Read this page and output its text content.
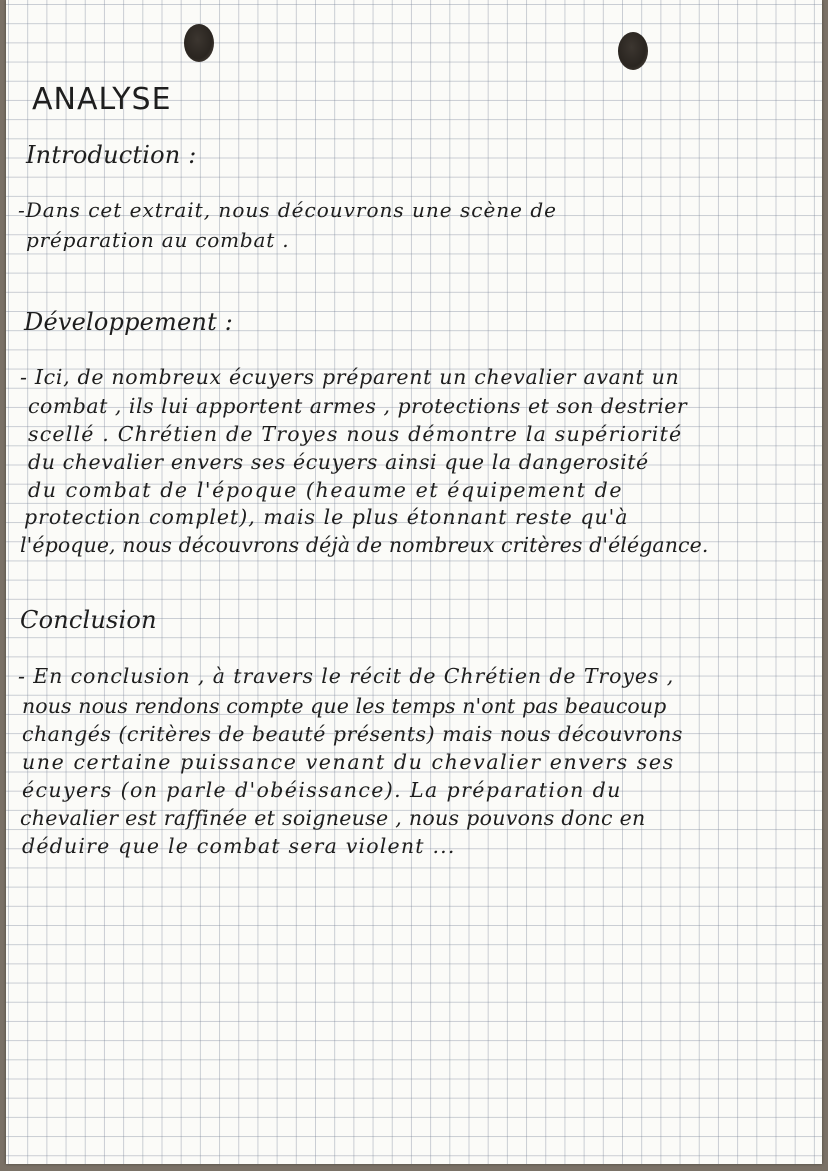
ANALYSE
Introduction :
-Dans cet extrait, nous découvrons une scène de
préparation au combat .
Développement :
- Ici, de nombreux écuyers préparent un chevalier avant un
combat , ils lui apportent armes , protections et son destrier
scellé . Chrétien de Troyes nous démontre la supériorité
du chevalier envers ses écuyers ainsi que la dangerosité
du combat de l'époque (heaume et équipement de
protection complet), mais le plus étonnant reste qu'à
l'époque, nous découvrons déjà de nombreux critères d'élégance.
Conclusion
- En conclusion , à travers le récit de Chrétien de Troyes ,
nous nous rendons compte que les temps n'ont pas beaucoup
changés (critères de beauté présents) mais nous découvrons
une certaine puissance venant du chevalier envers ses
écuyers (on parle d'obéissance). La préparation du
chevalier est raffinée et soigneuse , nous pouvons donc en
déduire que le combat sera violent ...
